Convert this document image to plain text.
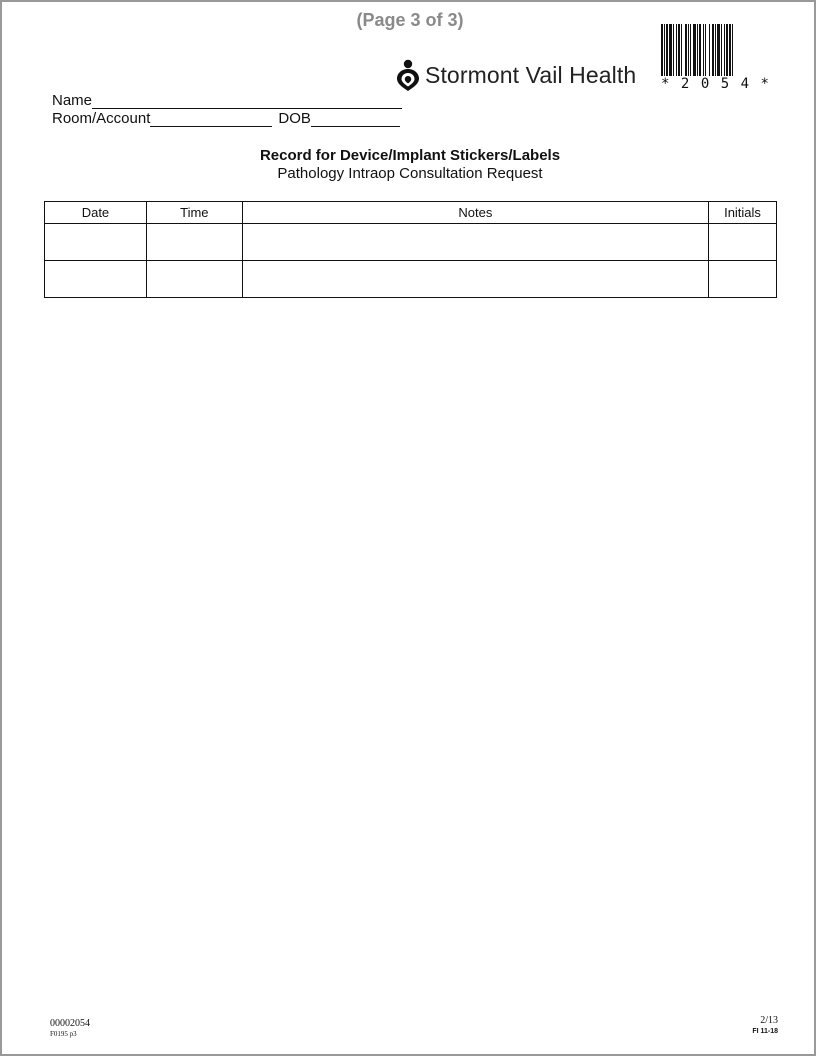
(Page 3 of 3)
Stormont Vail Health * 2 0 5 4 *
Name
Room/Account	DOB
Record for Device/Implant Stickers/Labels
Pathology Intraop Consultation Request
Date	Time	Notes	Initials

00002054
F0195 p3
2/13
FI 11-18
